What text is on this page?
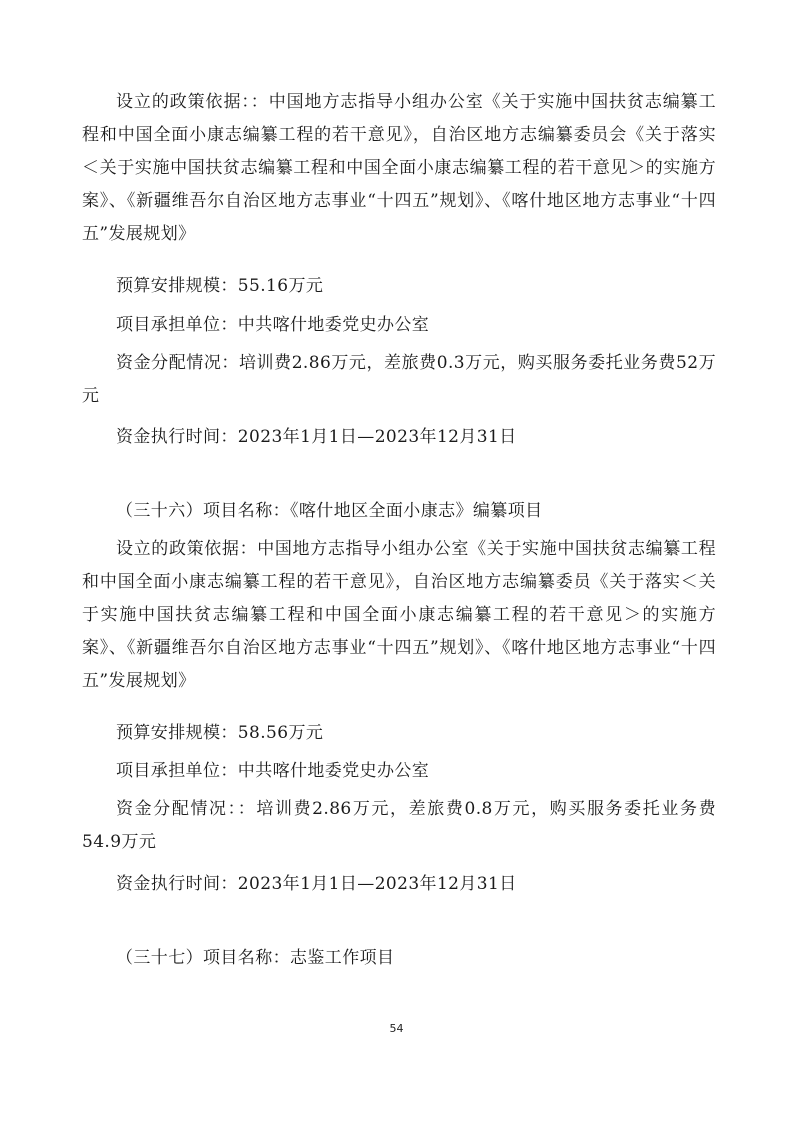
设立的政策依据：：中国地方志指导小组办公室《关于实施中国扶贫志编纂工程和中国全面小康志编纂工程的若干意见》，自治区地方志编纂委员会《关于落实＜关于实施中国扶贫志编纂工程和中国全面小康志编纂工程的若干意见＞的实施方案》、《新疆维吾尔自治区地方志事业“十四五”规划》、《喀什地区地方志事业“十四五”发展规划》

预算安排规模：55.16万元

项目承担单位：中共喀什地委党史办公室

资金分配情况：培训费2.86万元，差旅费0.3万元，购买服务委托业务费52万元

资金执行时间：2023年1月1日—2023年12月31日

（三十六）项目名称：《喀什地区全面小康志》编纂项目

设立的政策依据：中国地方志指导小组办公室《关于实施中国扶贫志编纂工程和中国全面小康志编纂工程的若干意见》，自治区地方志编纂委员《关于落实＜关于实施中国扶贫志编纂工程和中国全面小康志编纂工程的若干意见＞的实施方案》、《新疆维吾尔自治区地方志事业“十四五”规划》、《喀什地区地方志事业“十四五”发展规划》

预算安排规模：58.56万元

项目承担单位：中共喀什地委党史办公室

资金分配情况：：培训费2.86万元，差旅费0.8万元，购买服务委托业务费54.9万元

资金执行时间：2023年1月1日—2023年12月31日

（三十七）项目名称：志鉴工作项目

54
